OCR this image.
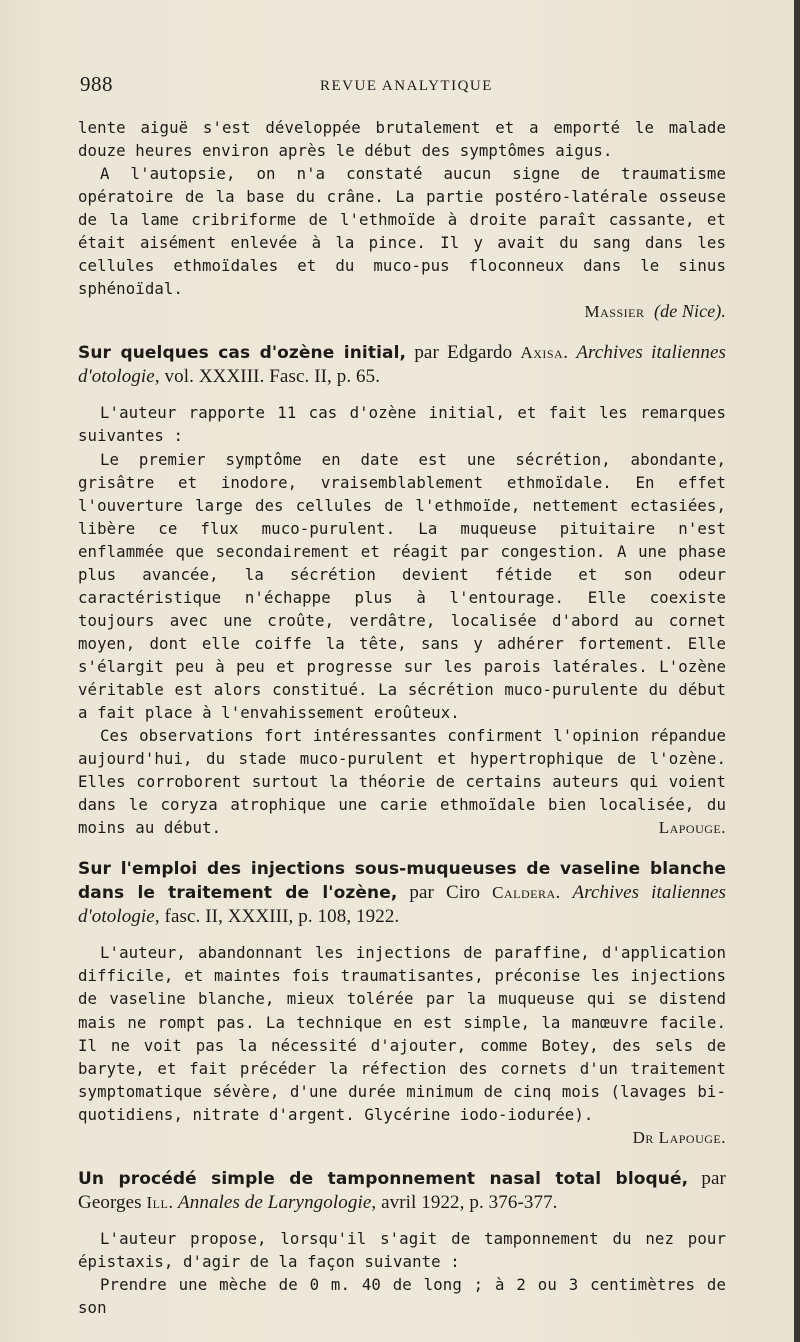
988	REVUE ANALYTIQUE

lente aiguë s'est développée brutalement et a emporté le malade douze heures environ après le début des symptômes aigus.

A l'autopsie, on n'a constaté aucun signe de traumatisme opératoire de la base du crâne. La partie postéro-latérale osseuse de la lame cribriforme de l'ethmoïde à droite paraît cassante, et était aisément enlevée à la pince. Il y avait du sang dans les cellules ethmoïdales et du muco-pus floconneux dans le sinus sphénoïdal.

Massier (de Nice).

Sur quelques cas d'ozène initial, par Edgardo Axisa. Archives italiennes d'otologie, vol. XXXIII. Fasc. II, p. 65.

L'auteur rapporte 11 cas d'ozène initial, et fait les remarques suivantes :

Le premier symptôme en date est une sécrétion, abondante, grisâtre et inodore, vraisemblablement ethmoïdale. En effet l'ouverture large des cellules de l'ethmoïde, nettement ectasiées, libère ce flux muco-purulent. La muqueuse pituitaire n'est enflammée que secondairement et réagit par congestion. A une phase plus avancée, la sécrétion devient fétide et son odeur caractéristique n'échappe plus à l'entourage. Elle coexiste toujours avec une croûte, verdâtre, localisée d'abord au cornet moyen, dont elle coiffe la tête, sans y adhérer fortement. Elle s'élargit peu à peu et progresse sur les parois latérales. L'ozène véritable est alors constitué. La sécrétion muco-purulente du début a fait place à l'envahissement eroûteux.

Ces observations fort intéressantes confirment l'opinion répandue aujourd'hui, du stade muco-purulent et hypertrophique de l'ozène. Elles corroborent surtout la théorie de certains auteurs qui voient dans le coryza atrophique une carie ethmoïdale bien localisée, du moins au début.	Lapouge.

Sur l'emploi des injections sous-muqueuses de vaseline blanche dans le traitement de l'ozène, par Ciro Caldera. Archives italiennes d'otologie, fasc. II, XXXIII, p. 108, 1922.

L'auteur, abandonnant les injections de paraffine, d'application difficile, et maintes fois traumatisantes, préconise les injections de vaseline blanche, mieux tolérée par la muqueuse qui se distend mais ne rompt pas. La technique en est simple, la manœuvre facile. Il ne voit pas la nécessité d'ajouter, comme Botey, des sels de baryte, et fait précéder la réfection des cornets d'un traitement symptomatique sévère, d'une durée minimum de cinq mois (lavages bi-quotidiens, nitrate d'argent. Glycérine iodo-iodurée).

Dr Lapouge.

Un procédé simple de tamponnement nasal total bloqué, par Georges Ill. Annales de Laryngologie, avril 1922, p. 376-377.

L'auteur propose, lorsqu'il s'agit de tamponnement du nez pour épistaxis, d'agir de la façon suivante :

Prendre une mèche de 0 m. 40 de long ; à 2 ou 3 centimètres de son
